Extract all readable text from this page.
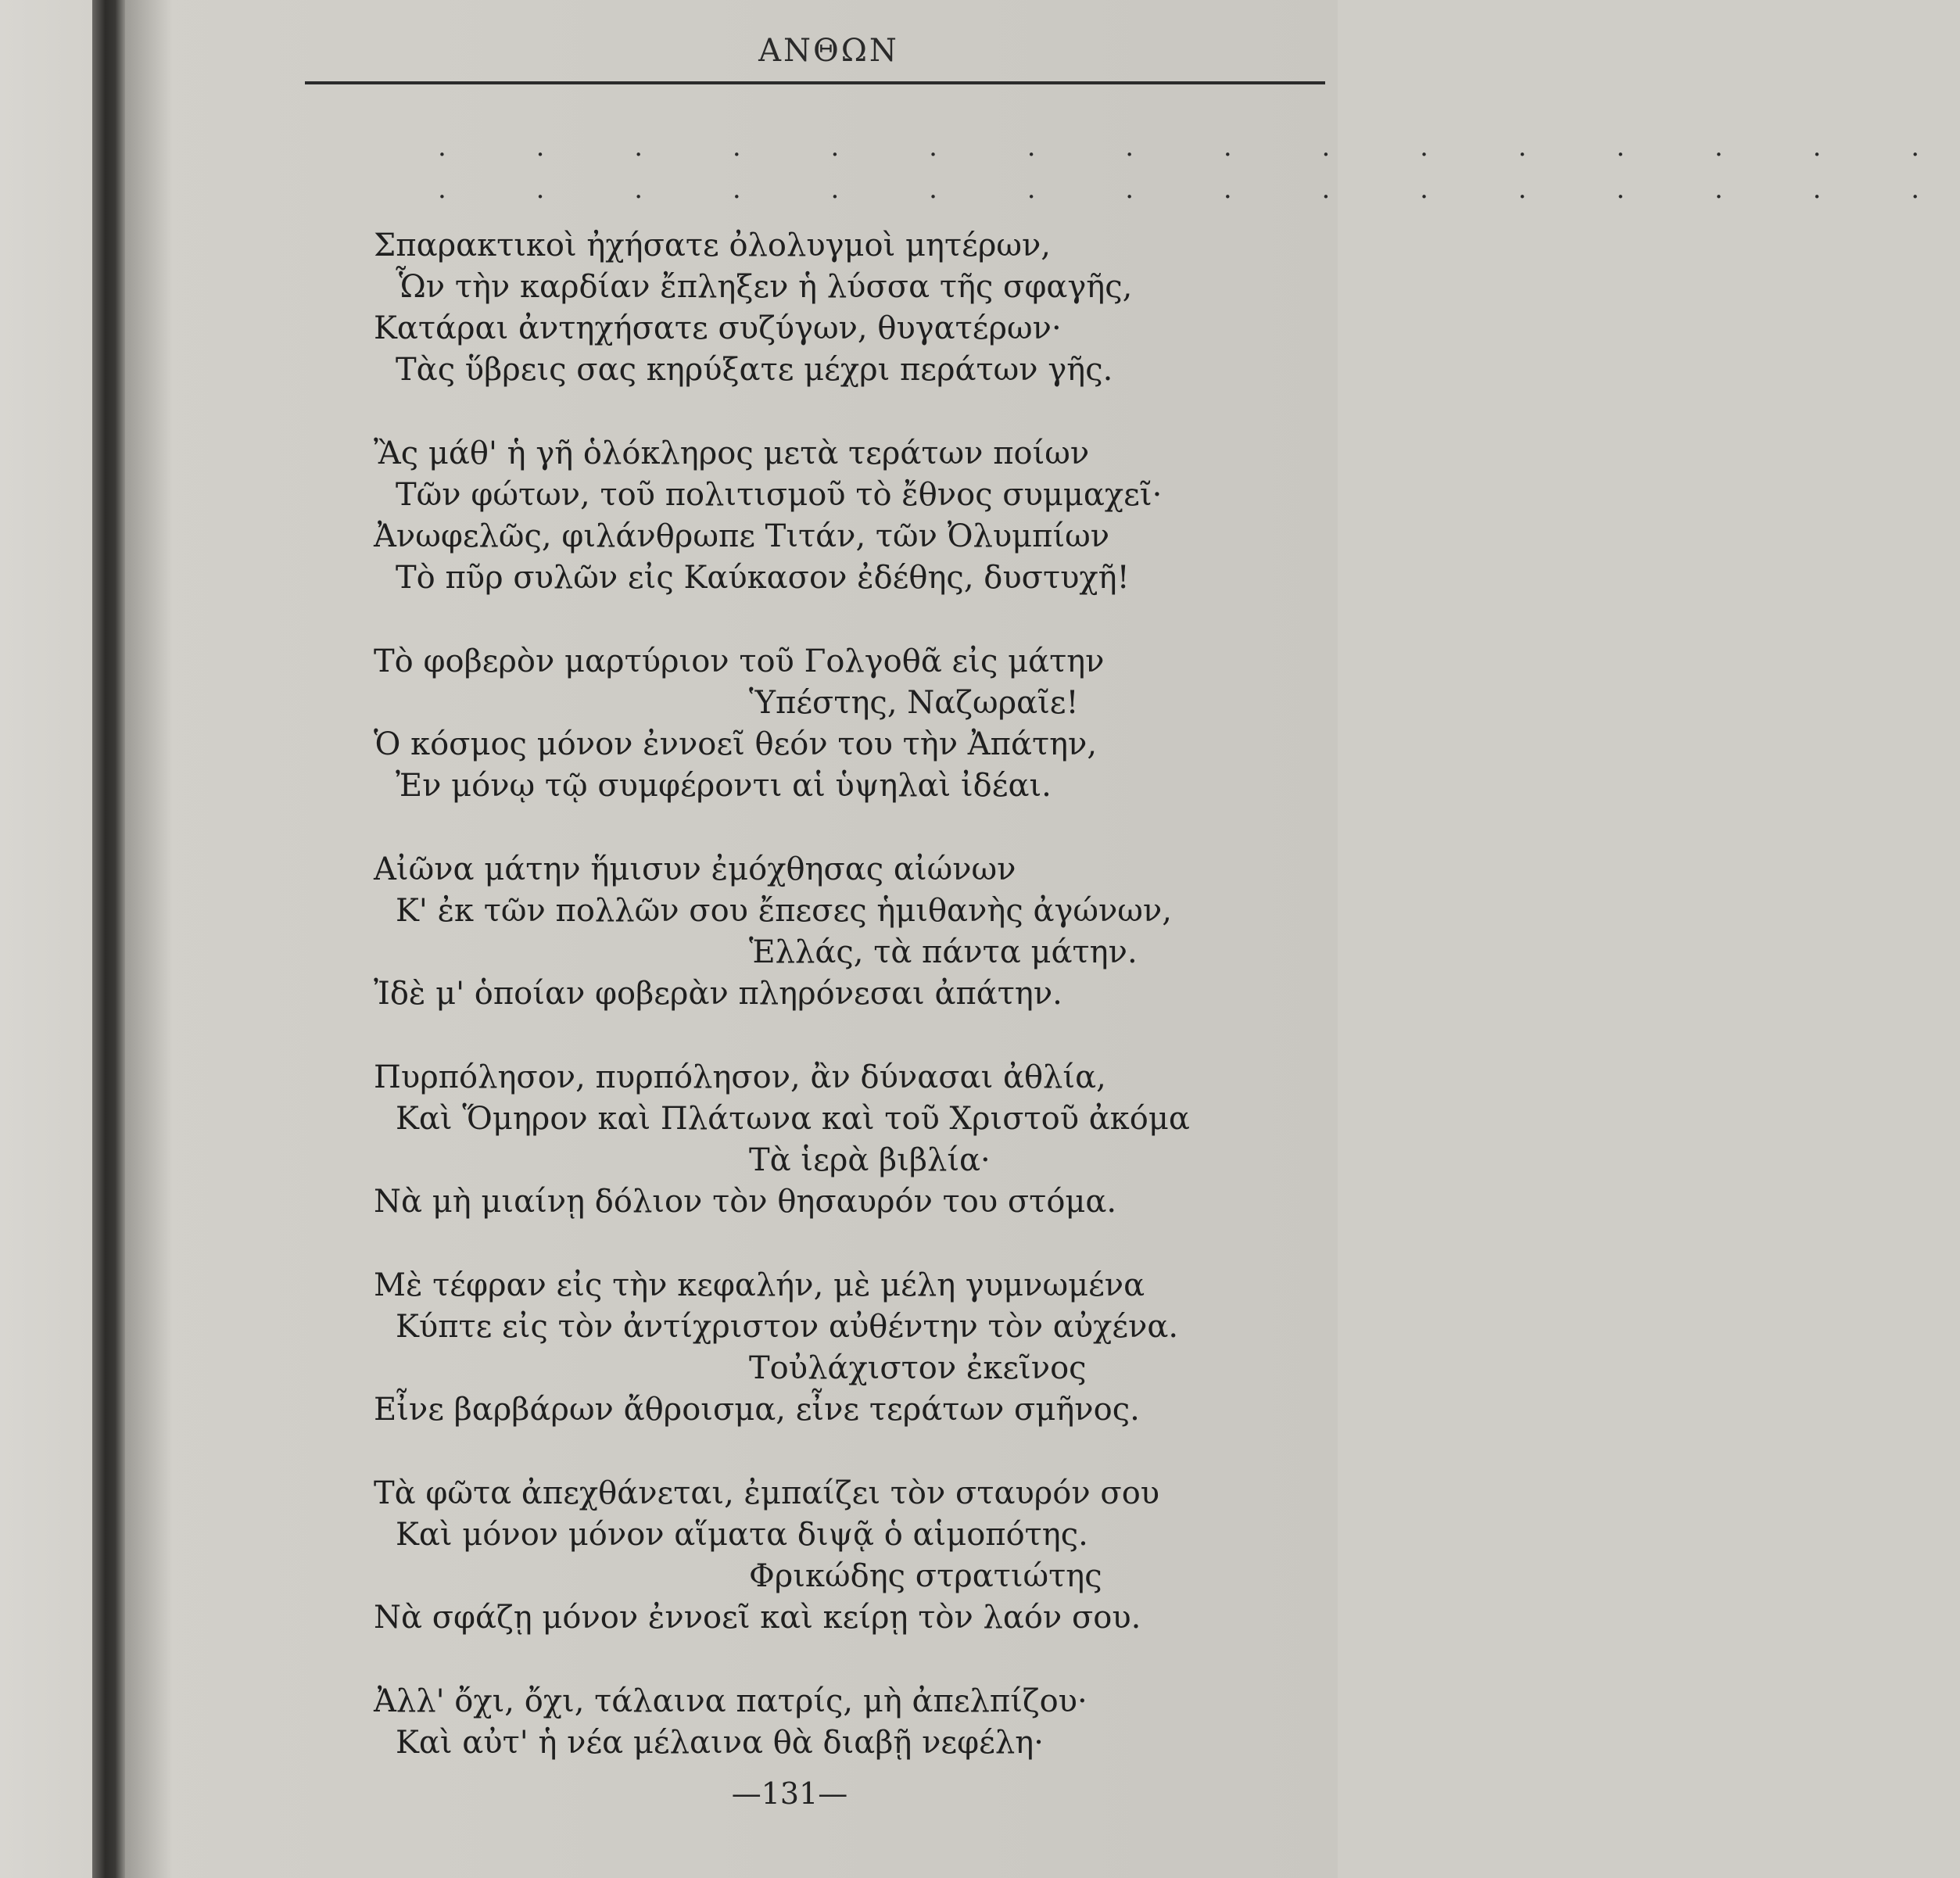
ΑΝΘΩΝ
. . . . . . . . . . . . . . . .
. . . . . . . . . . . . . . . .
Σπαρακτικοὶ ἠχήσατε ὀλολυγμοὶ μητέρων,
Ὧν τὴν καρδίαν ἔπληξεν ἡ λύσσα τῆς σφαγῆς,
Κατάραι ἀντηχήσατε συζύγων, θυγατέρων·
Τὰς ὕβρεις σας κηρύξατε μέχρι περάτων γῆς.
Ἂς μάθ' ἡ γῆ ὁλόκληρος μετὰ τεράτων ποίων
Τῶν φώτων, τοῦ πολιτισμοῦ τὸ ἔθνος συμμαχεῖ·
Ἀνωφελῶς, φιλάνθρωπε Τιτάν, τῶν Ὀλυμπίων
Τὸ πῦρ συλῶν εἰς Καύκασον ἐδέθης, δυστυχῆ!
Τὸ φοβερὸν μαρτύριον τοῦ Γολγοθᾶ εἰς μάτην
Ὑπέστης, Ναζωραῖε!
Ὁ κόσμος μόνον ἐννοεῖ θεόν του τὴν Ἀπάτην,
Ἐν μόνῳ τῷ συμφέροντι αἱ ὑψηλαὶ ἰδέαι.
Αἰῶνα μάτην ἥμισυν ἐμόχθησας αἰώνων
Κ' ἐκ τῶν πολλῶν σου ἔπεσες ἡμιθανὴς ἀγώνων,
Ἑλλάς, τὰ πάντα μάτην.
Ἰδὲ μ' ὁποίαν φοβερὰν πληρόνεσαι ἀπάτην.
Πυρπόλησον, πυρπόλησον, ἂν δύνασαι ἀθλία,
Καὶ Ὅμηρον καὶ Πλάτωνα καὶ τοῦ Χριστοῦ ἀκόμα
Τὰ ἱερὰ βιβλία·
Νὰ μὴ μιαίνῃ δόλιον τὸν θησαυρόν του στόμα.
Μὲ τέφραν εἰς τὴν κεφαλήν, μὲ μέλη γυμνωμένα
Κύπτε εἰς τὸν ἀντίχριστον αὐθέντην τὸν αὐχένα.
Τοὐλάχιστον ἐκεῖνος
Εἶνε βαρβάρων ἄθροισμα, εἶνε τεράτων σμῆνος.
Τὰ φῶτα ἀπεχθάνεται, ἐμπαίζει τὸν σταυρόν σου
Καὶ μόνον μόνον αἵματα διψᾷ ὁ αἱμοπότης.
Φρικώδης στρατιώτης
Νὰ σφάζῃ μόνον ἐννοεῖ καὶ κείρῃ τὸν λαόν σου.
Ἀλλ' ὄχι, ὄχι, τάλαινα πατρίς, μὴ ἀπελπίζου·
Καὶ αὐτ' ἡ νέα μέλαινα θὰ διαβῇ νεφέλη·
—131—
